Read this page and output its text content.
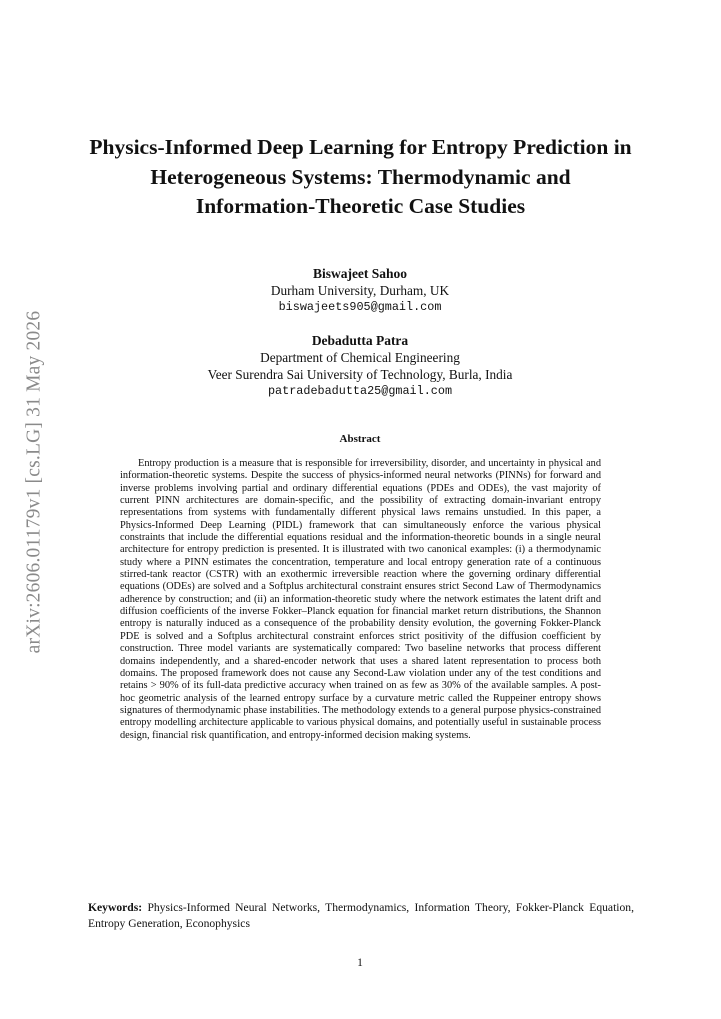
arXiv:2606.01179v1 [cs.LG] 31 May 2026
Physics-Informed Deep Learning for Entropy Prediction in Heterogeneous Systems: Thermodynamic and Information-Theoretic Case Studies
Biswajeet Sahoo
Durham University, Durham, UK
biswajeets905@gmail.com
Debadutta Patra
Department of Chemical Engineering
Veer Surendra Sai University of Technology, Burla, India
patradebadutta25@gmail.com
Abstract

Entropy production is a measure that is responsible for irreversibility, disorder, and uncertainty in physical and information-theoretic systems. Despite the success of physics-informed neural networks (PINNs) for forward and inverse problems involving partial and ordinary differential equations (PDEs and ODEs), the vast majority of current PINN architectures are domain-specific, and the possibility of extracting domain-invariant entropy representations from systems with fundamentally different physical laws remains unstudied. In this paper, a Physics-Informed Deep Learning (PIDL) framework that can simultaneously enforce the various physical constraints that include the differential equations residual and the information-theoretic bounds in a single neural architecture for entropy prediction is presented. It is illustrated with two canonical examples: (i) a thermodynamic study where a PINN estimates the concentration, temperature and local entropy generation rate of a continuous stirred-tank reactor (CSTR) with an exothermic irreversible reaction where the governing ordinary differential equations (ODEs) are solved and a Softplus architectural constraint ensures strict Second Law of Thermodynamics adherence by construction; and (ii) an information-theoretic study where the network estimates the latent drift and diffusion coefficients of the inverse Fokker–Planck equation for financial market return distributions, the Shannon entropy is naturally induced as a consequence of the probability density evolution, the governing Fokker-Planck PDE is solved and a Softplus architectural constraint enforces strict positivity of the diffusion coefficient by construction. Three model variants are systematically compared: Two baseline networks that process different domains independently, and a shared-encoder network that uses a shared latent representation to process both domains. The proposed framework does not cause any Second-Law violation under any of the test conditions and retains > 90% of its full-data predictive accuracy when trained on as few as 30% of the available samples. A post-hoc geometric analysis of the learned entropy surface by a curvature metric called the Ruppeiner entropy shows signatures of thermodynamic phase instabilities. The methodology extends to a general purpose physics-constrained entropy modelling architecture applicable to various physical domains, and potentially useful in sustainable process design, financial risk quantification, and entropy-informed decision making systems.

Keywords: Physics-Informed Neural Networks, Thermodynamics, Information Theory, Fokker-Planck Equation, Entropy Generation, Econophysics

1
